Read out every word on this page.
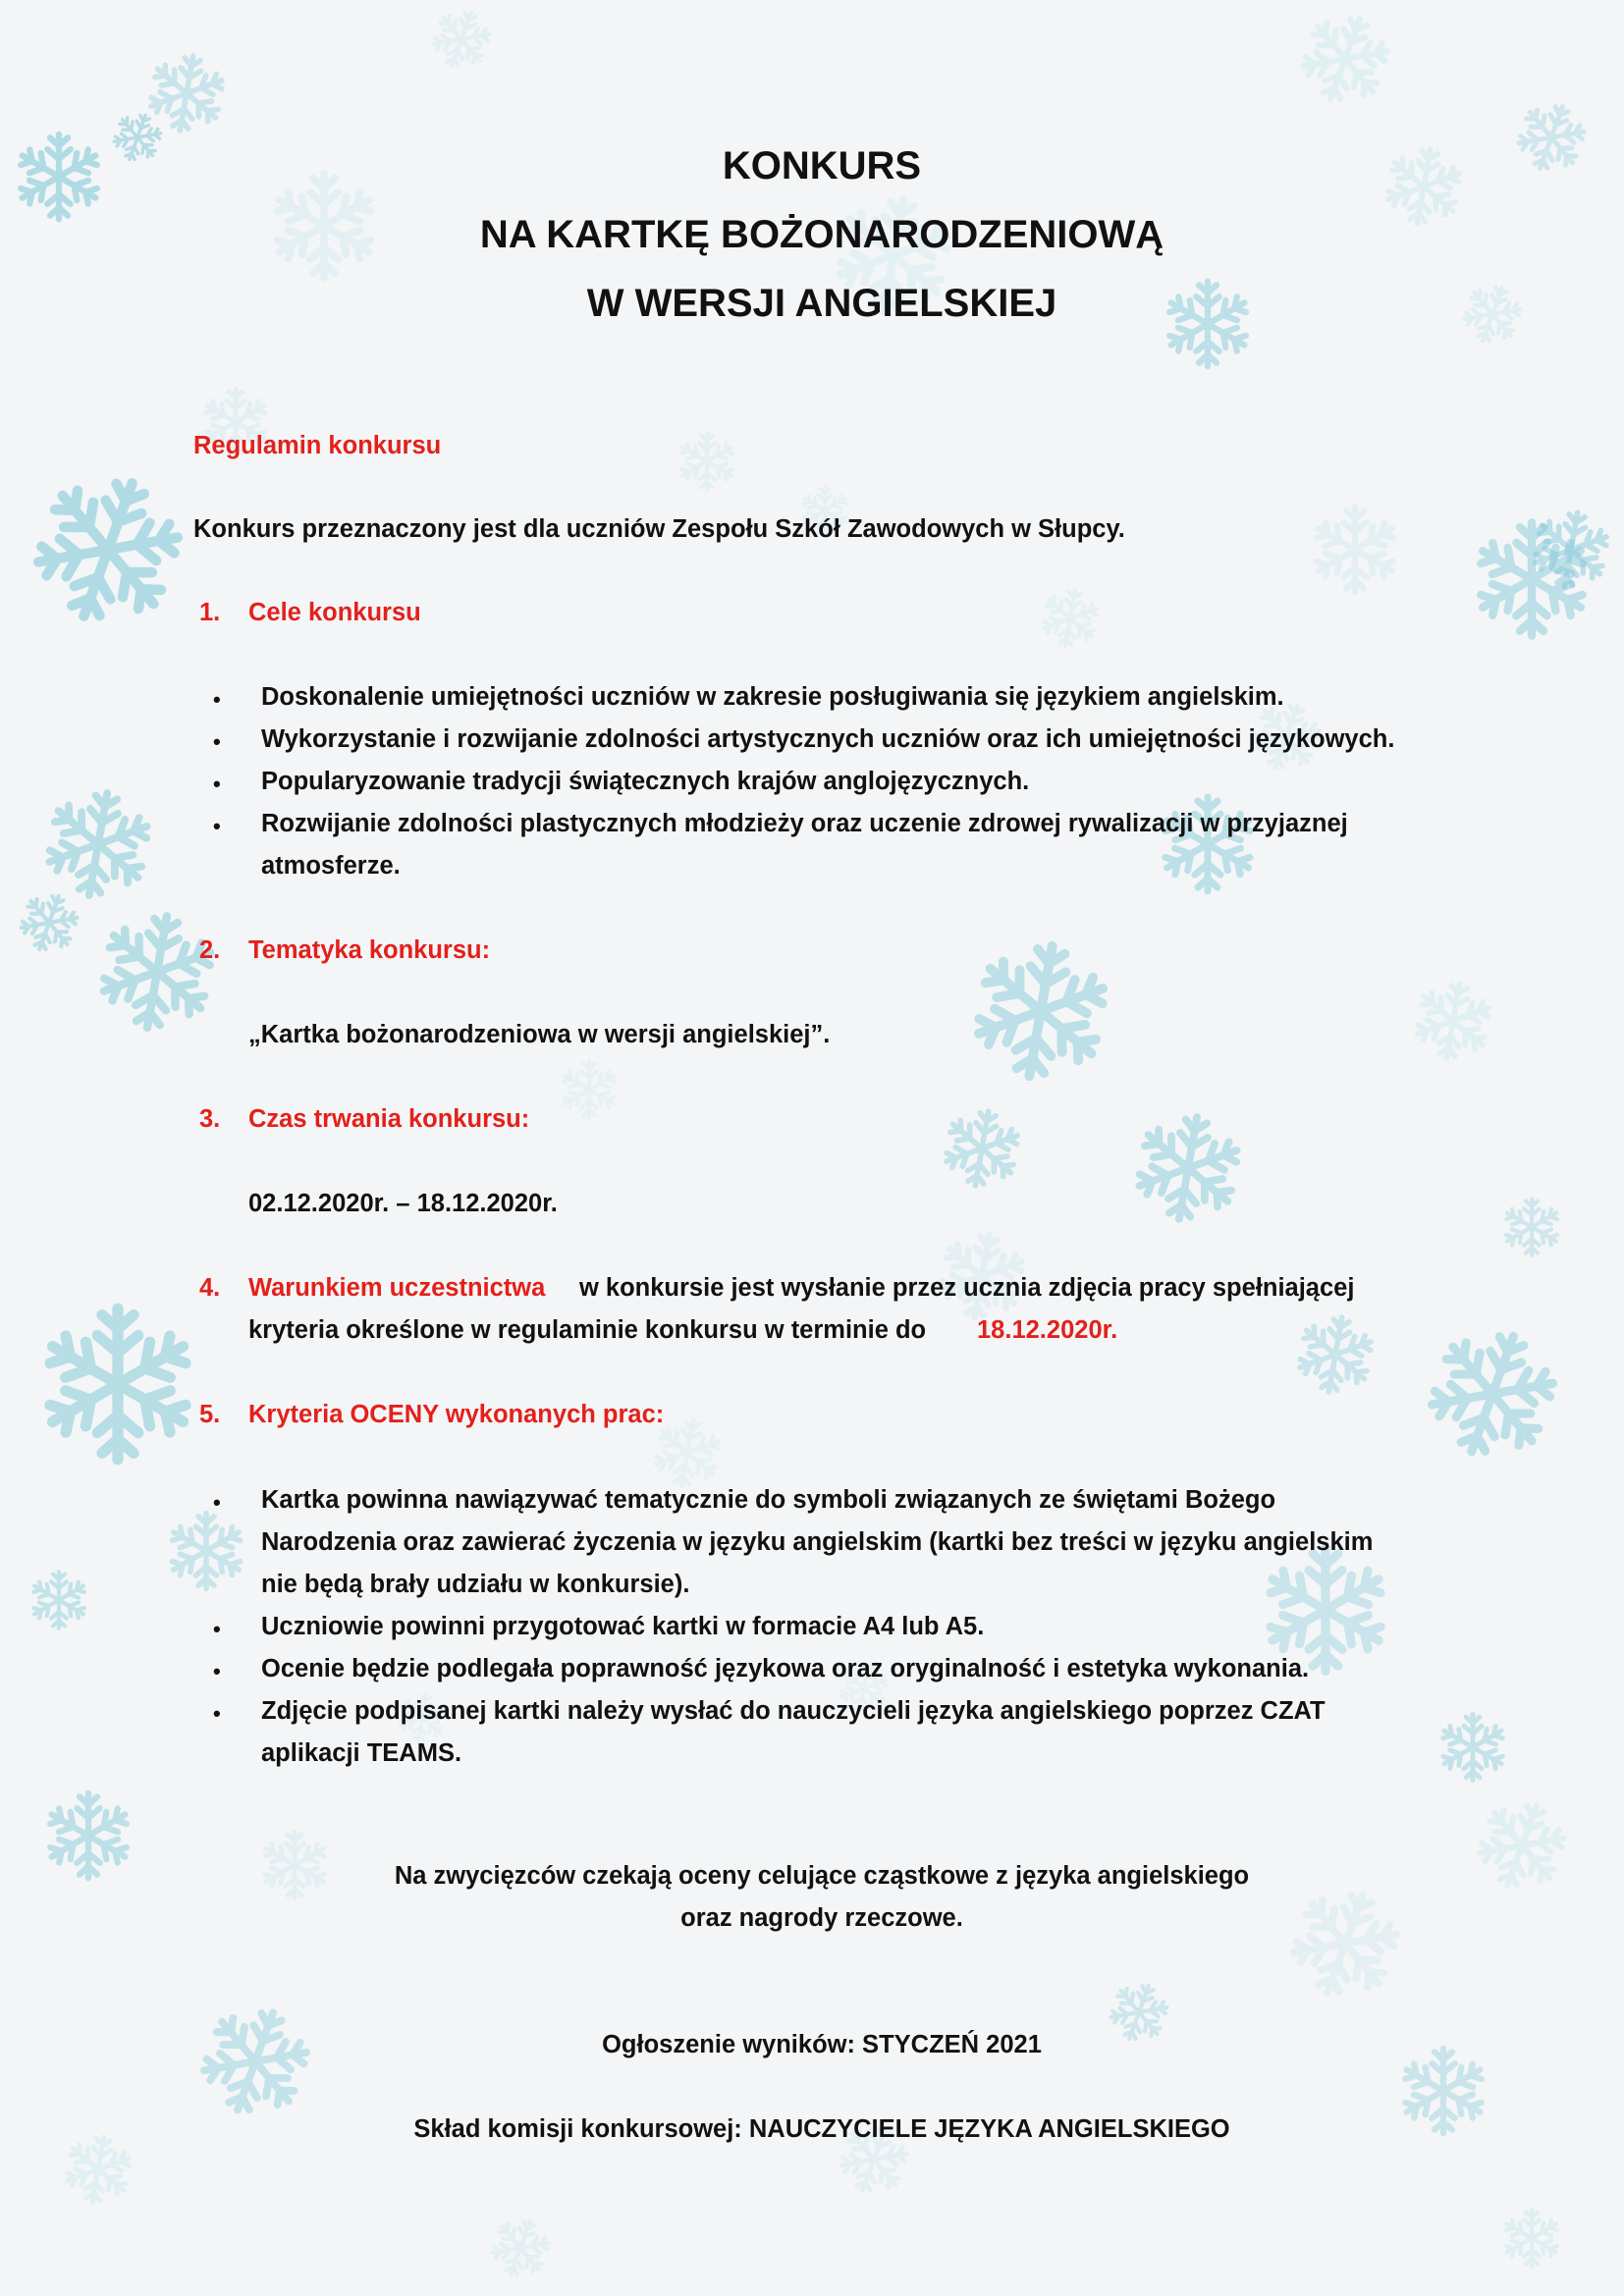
KONKURS
NA KARTKĘ BOŻONARODZENIOWĄ
W WERSJI ANGIELSKIEJ
Regulamin konkursu
Konkurs przeznaczony jest dla uczniów Zespołu Szkół Zawodowych w Słupcy.
1. Cele konkursu
• Doskonalenie umiejętności uczniów w zakresie posługiwania się językiem angielskim.
• Wykorzystanie i rozwijanie zdolności artystycznych uczniów oraz ich umiejętności językowych.
• Popularyzowanie tradycji świątecznych krajów anglojęzycznych.
• Rozwijanie zdolności plastycznych młodzieży oraz uczenie zdrowej rywalizacji w przyjaznej
atmosferze.
2. Tematyka konkursu:
„Kartka bożonarodzeniowa w wersji angielskiej”.
3. Czas trwania konkursu:
02.12.2020r. – 18.12.2020r.
4. Warunkiem uczestnictwa w konkursie jest wysłanie przez ucznia zdjęcia pracy spełniającej
kryteria określone w regulaminie konkursu w terminie do 18.12.2020r.
5. Kryteria OCENY wykonanych prac:
• Kartka powinna nawiązywać tematycznie do symboli związanych ze świętami Bożego
Narodzenia oraz zawierać życzenia w języku angielskim (kartki bez treści w języku angielskim
nie będą brały udziału w konkursie).
• Uczniowie powinni przygotować kartki w formacie A4 lub A5.
• Ocenie będzie podlegała poprawność językowa oraz oryginalność i estetyka wykonania.
• Zdjęcie podpisanej kartki należy wysłać do nauczycieli języka angielskiego poprzez CZAT
aplikacji TEAMS.
Na zwycięzców czekają oceny celujące cząstkowe z języka angielskiego
oraz nagrody rzeczowe.
Ogłoszenie wyników: STYCZEŃ 2021
Skład komisji konkursowej: NAUCZYCIELE JĘZYKA ANGIELSKIEGO
